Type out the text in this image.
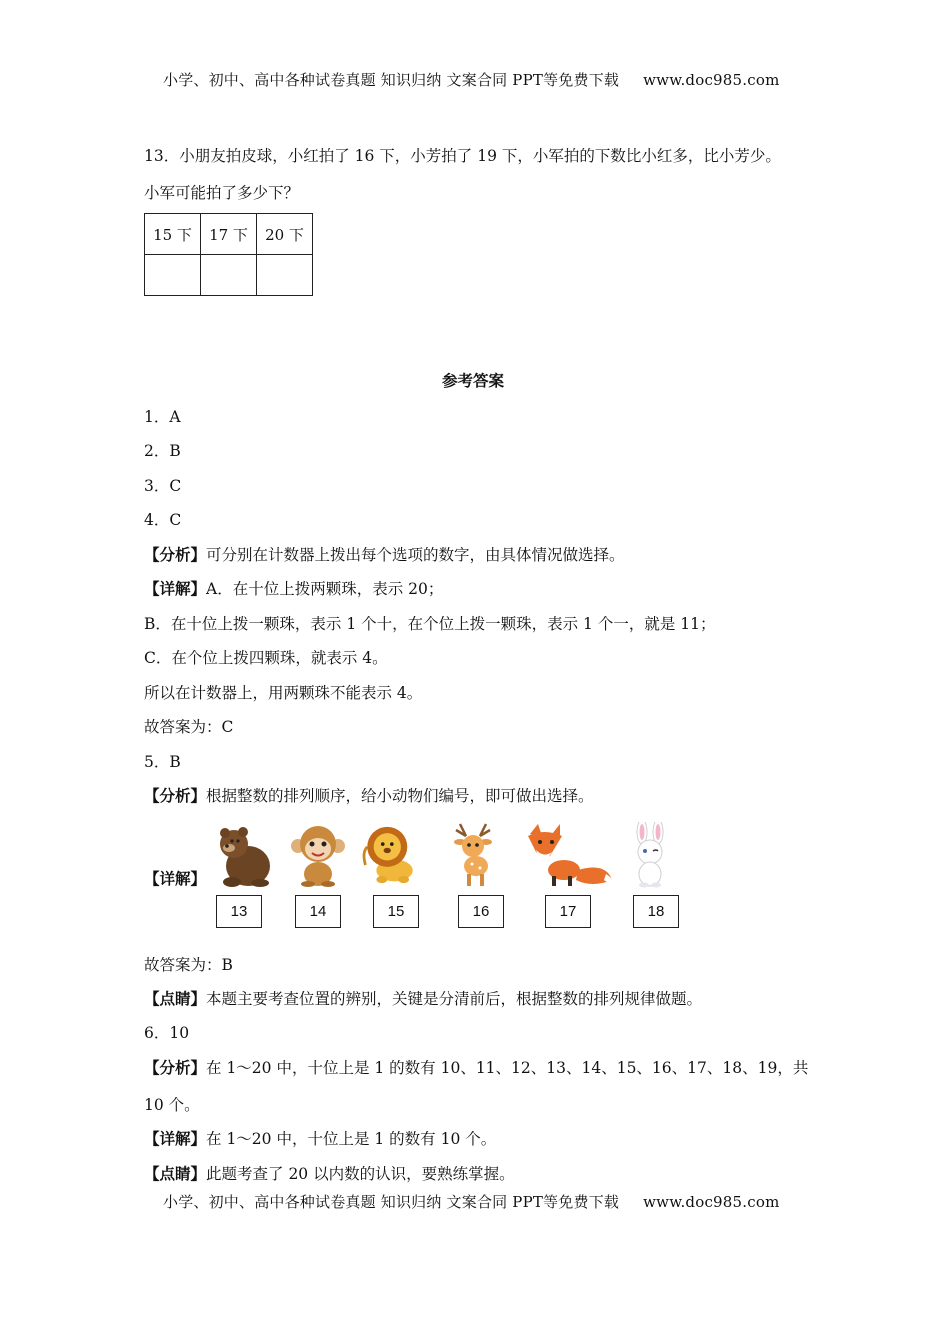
小学、初中、高中各种试卷真题 知识归纳 文案合同 PPT等免费下载 www.doc985.com
13．小朋友拍皮球，小红拍了 16 下，小芳拍了 19 下，小军拍的下数比小红多，比小芳少。
小军可能拍了多少下？
15 下	17 下	20 下

参考答案
1．A
2．B
3．C
4．C
【分析】可分别在计数器上拨出每个选项的数字，由具体情况做选择。
【详解】A．在十位上拨两颗珠，表示 20；
B．在十位上拨一颗珠，表示 1 个十，在个位上拨一颗珠，表示 1 个一，就是 11；
C．在个位上拨四颗珠，就表示 4。
所以在计数器上，用两颗珠不能表示 4。
故答案为：C
5．B
【分析】根据整数的排列顺序，给小动物们编号，即可做出选择。
【详解】
13	14	15	16	17	18
故答案为：B
【点睛】本题主要考查位置的辨别，关键是分清前后，根据整数的排列规律做题。
6．10
【分析】在 1～20 中，十位上是 1 的数有 10、11、12、13、14、15、16、17、18、19，共
10 个。
【详解】在 1～20 中，十位上是 1 的数有 10 个。
【点睛】此题考查了 20 以内数的认识，要熟练掌握。
小学、初中、高中各种试卷真题 知识归纳 文案合同 PPT等免费下载 www.doc985.com
